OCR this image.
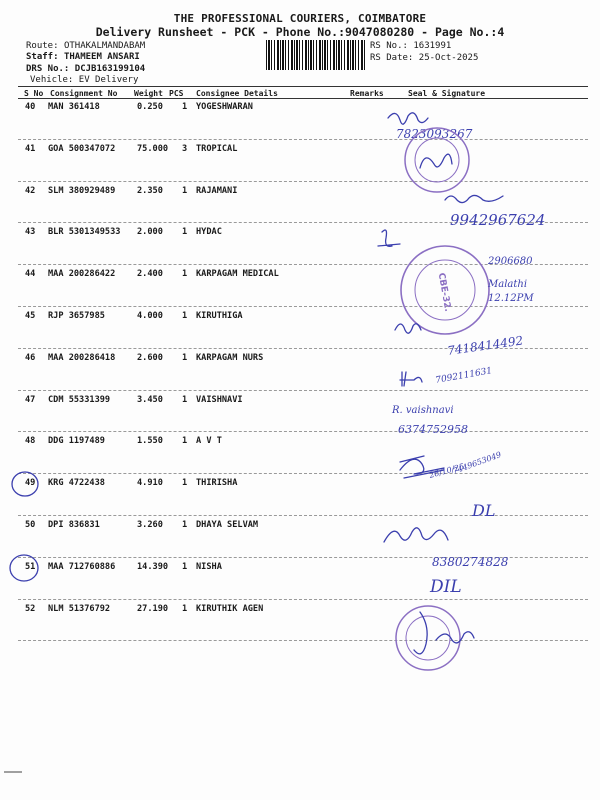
THE PROFESSIONAL COURIERS, COIMBATORE
Delivery Runsheet - PCK - Phone No.:9047080280 - Page No.:4
Route: OTHAKALMANDABAM
Staff: THAMEEM ANSARI
DRS No.: DCJB163199104
Vehicle: EV Delivery
RS No.: 1631991
RS Date: 25-Oct-2025
S No Consignment No Weight PCS Consignee Details	Remarks	Seal & Signature
40 MAN 361418	0.250 1 YOGESHWARAN
41 GOA 500347072	75.000 3 TROPICAL
42 SLM 380929489	2.350 1 RAJAMANI
43 BLR 5301349533 2.000 1 HYDAC
44 MAA 200286422	2.400 1 KARPAGAM MEDICAL
45 RJP 3657985	4.000 1 KIRUTHIGA
46 MAA 200286418	2.600 1 KARPAGAM NURS
47 CDM 55331399	3.450 1 VAISHNAVI
48 DDG 1197489	1.550 1 A V T
49 KRG 4722438	4.910 1 THIRISHA
50 DPI 836831	3.260 1 DHAYA SELVAM
51 MAA 712760886	14.390 1 NISHA
52 NLM 51376792	27.190 1 KIRUTHIK AGEN
7823093267
9942967624
2906680
CBE-32.	Malathi
12.12PM
7418414492
7092111631
R. vaishnavi
6374752958
26/10/25
7449653049
DL
8380274828
DIL
